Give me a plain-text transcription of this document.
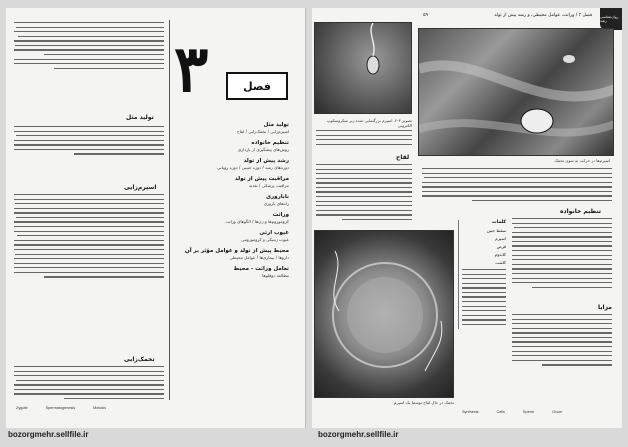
تولید مثل
اسپرم‌زایی
تخمک‌زایی
۳	فصل
تولید مثل
اسپرم‌زایی / تخمک‌زایی / لقاح
تنظیم خانواده
روش‌های پیشگیری از بارداری
رشد پیش از تولد
دوره‌های رشد / دوره جنینی / دوره رویانی
مراقبت پیش از تولد
مراقبت پزشکی / تغذیه
ناباروری
راه‌های باروری
وراثت
کروموزوم‌ها و ژن‌ها / الگوهای وراثت
عیوب ارثی
عیوب ژنتیکی و کروموزومی
محیط پیش از تولد و عوامل مؤثر بر آن
داروها / بیماری‌ها / عوامل محیطی
تعامل وراثت - محیط
مطالعه دوقلوها
Zygote	Spermatogenesis	Meiosis
bozorgmehr.sellfile.ir
فصل ۳ / وراثت، عوامل محیطی، و رشد پیش از تولد
۵۹	روان‌شناسی رشد
تصویر ۳-۲. اسپرم بزرگنمایی شده زیر میکروسکوپ الکترونی
اسپرم‌ها در حرکت به سوی تخمک
تنظیم خانواده
مزایا
کلمات
سقط جنین
اسپرم
قرص
کاندوم
کاشت
لقاح
تخمک در حال لقاح توسط یک اسپرم
Synthesis	Cells	Sperm	Ovum
bozorgmehr.sellfile.ir
